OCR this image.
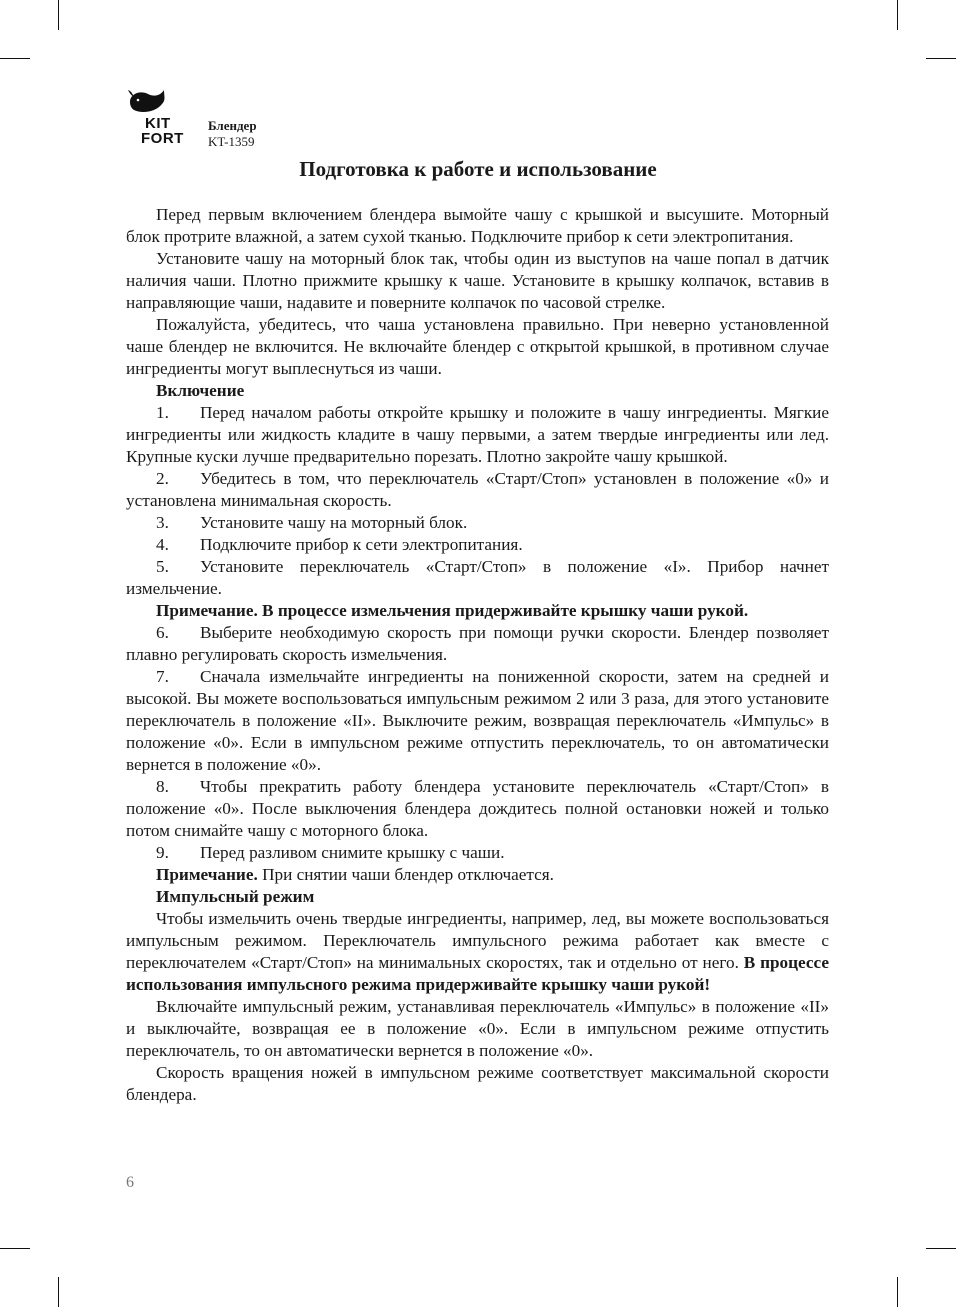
KIT
FORT
Блендер
KT-1359
Подготовка к работе и использование

Перед первым включением блендера вымойте чашу с крышкой и высушите. Моторный блок протрите влажной, а затем сухой тканью. Подключите прибор к сети электропитания.

Установите чашу на моторный блок так, чтобы один из выступов на чаше попал в датчик наличия чаши. Плотно прижмите крышку к чаше. Установите в крышку колпачок, вставив в направляющие чаши, надавите и поверните колпачок по часовой стрелке.

Пожалуйста, убедитесь, что чаша установлена правильно. При неверно установленной чаше блендер не включится. Не включайте блендер с открытой крышкой, в противном случае ингредиенты могут выплеснуться из чаши.

Включение

1. Перед началом работы откройте крышку и положите в чашу ингредиенты. Мягкие ингредиенты или жидкость кладите в чашу первыми, а затем твердые ингредиенты или лед. Крупные куски лучше предварительно порезать. Плотно закройте чашу крышкой.

2. Убедитесь в том, что переключатель «Старт/Стоп» установлен в положение «0» и установлена минимальная скорость.

3. Установите чашу на моторный блок.

4. Подключите прибор к сети электропитания.

5. Установите переключатель «Старт/Стоп» в положение «I». Прибор начнет измельчение.

Примечание. В процессе измельчения придерживайте крышку чаши рукой.

6. Выберите необходимую скорость при помощи ручки скорости. Блендер позволяет плавно регулировать скорость измельчения.

7. Сначала измельчайте ингредиенты на пониженной скорости, затем на средней и высокой. Вы можете воспользоваться импульсным режимом 2 или 3 раза, для этого установите переключатель в положение «II». Выключите режим, возвращая переключатель «Импульс» в положение «0». Если в импульсном режиме отпустить переключатель, то он автоматически вернется в положение «0».

8. Чтобы прекратить работу блендера установите переключатель «Старт/Стоп» в положение «0». После выключения блендера дождитесь полной остановки ножей и только потом снимайте чашу с моторного блока.

9. Перед разливом снимите крышку с чаши.

Примечание. При снятии чаши блендер отключается.

Импульсный режим

Чтобы измельчить очень твердые ингредиенты, например, лед, вы можете воспользоваться импульсным режимом. Переключатель импульсного режима работает как вместе с переключателем «Старт/Стоп» на минимальных скоростях, так и отдельно от него. В процессе использования импульсного режима придерживайте крышку чаши рукой!

Включайте импульсный режим, устанавливая переключатель «Импульс» в положение «II» и выключайте, возвращая ее в положение «0». Если в импульсном режиме отпустить переключатель, то он автоматически вернется в положение «0».

Скорость вращения ножей в импульсном режиме соответствует максимальной скорости блендера.

6
